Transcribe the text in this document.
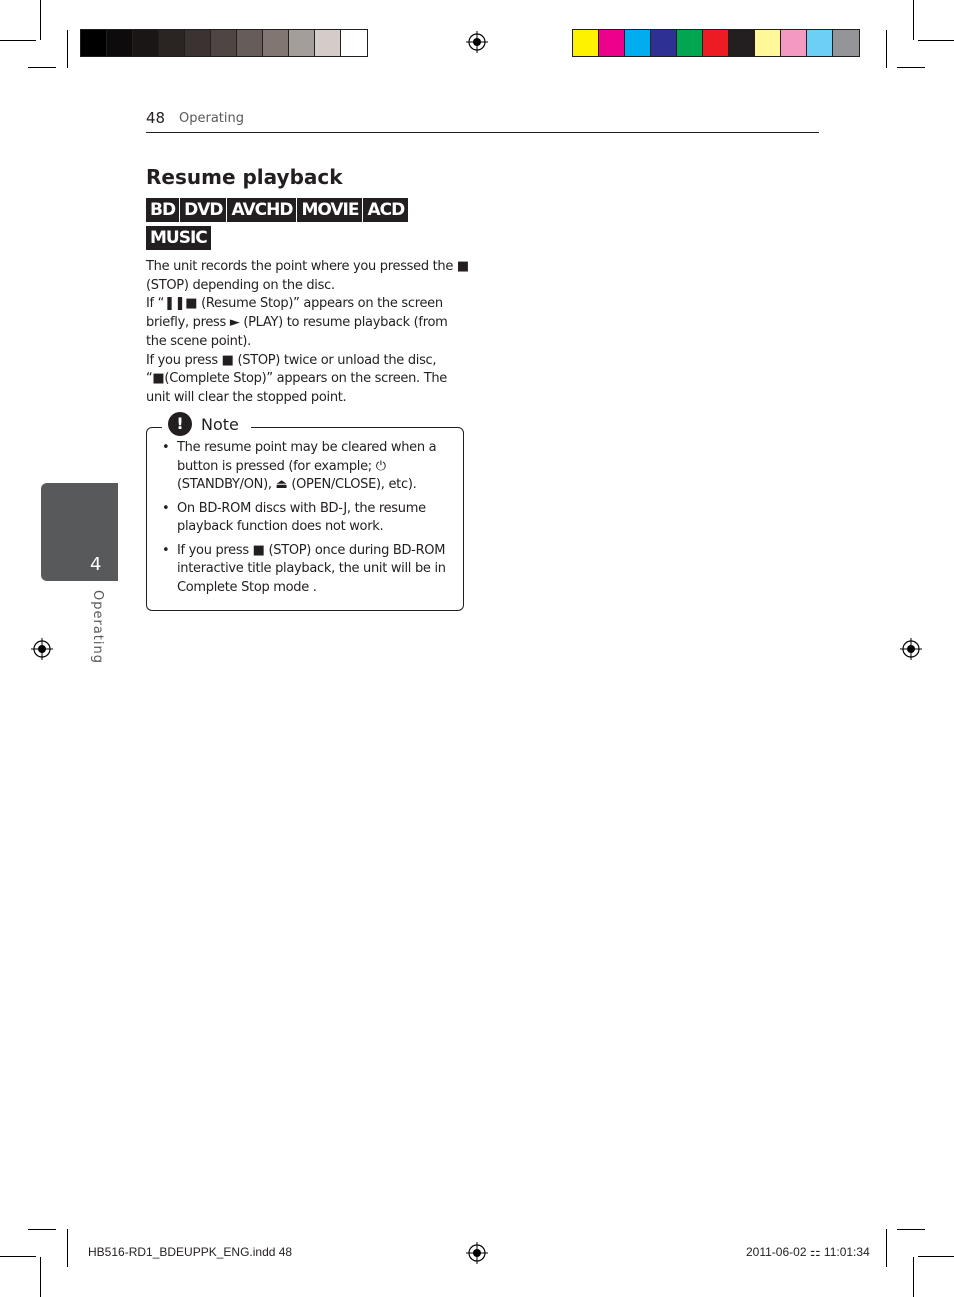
48 Operating
Resume playback
BD DVD AVCHD MOVIE ACDMUSIC

The unit records the point where you pressed the ■ (STOP) depending on the disc.

If “❚❚■ (Resume Stop)” appears on the screen briefly, press ► (PLAY) to resume playback (from the scene point).

If you press ■ (STOP) twice or unload the disc, “■(Complete Stop)” appears on the screen. The unit will clear the stopped point.

!	Note
• The resume point may be cleared when a button is pressed (for example; ⏻ (STANDBY/ON), ⏏ (OPEN/CLOSE), etc).
• On BD-ROM discs with BD-J, the resume playback function does not work.
• If you press ■ (STOP) once during BD-ROM interactive title playback, the unit will be in Complete Stop mode .
4
Operating
HB516-RD1_BDEUPPK_ENG.indd 48	2011-06-02 ⚏ 11:01:34
